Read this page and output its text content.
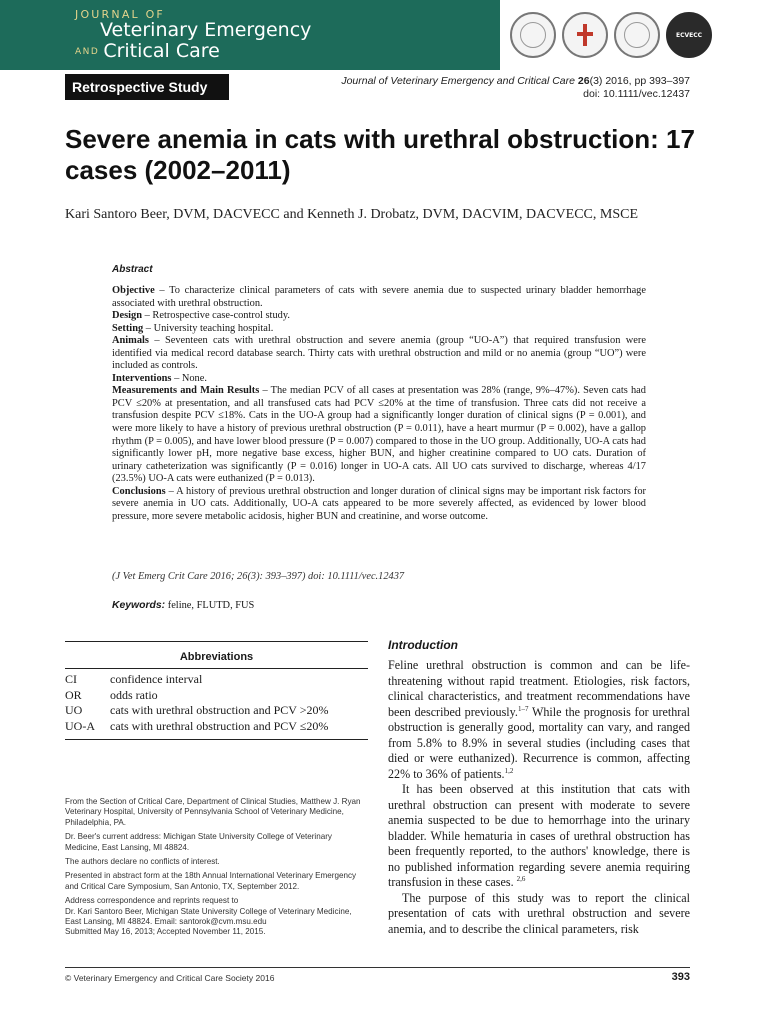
JOURNAL OF
Veterinary Emergency
AND Critical Care
ECVECC
Retrospective Study	Journal of Veterinary Emergency and Critical Care 26(3) 2016, pp 393–397
doi: 10.1111/vec.12437
Severe anemia in cats with urethral obstruction: 17 cases (2002–2011)
Kari Santoro Beer, DVM, DACVECC and Kenneth J. Drobatz, DVM, DACVIM, DACVECC, MSCE
Abstract
Objective – To characterize clinical parameters of cats with severe anemia due to suspected urinary bladder hemorrhage associated with urethral obstruction.
Design – Retrospective case-control study.
Setting – University teaching hospital.
Animals – Seventeen cats with urethral obstruction and severe anemia (group “UO-A”) that required transfusion were identified via medical record database search. Thirty cats with urethral obstruction and mild or no anemia (group “UO”) were included as controls.
Interventions – None.
Measurements and Main Results – The median PCV of all cases at presentation was 28% (range, 9%–47%). Seven cats had PCV ≤20% at presentation, and all transfused cats had PCV ≤20% at the time of transfusion. Three cats did not receive a transfusion despite PCV ≤18%. Cats in the UO-A group had a significantly longer duration of clinical signs (P = 0.001), and were more likely to have a history of previous urethral obstruction (P = 0.011), have a heart murmur (P = 0.002), have a gallop rhythm (P = 0.005), and have lower blood pressure (P = 0.007) compared to those in the UO group. Additionally, UO-A cats had significantly lower pH, more negative base excess, higher BUN, and higher creatinine compared to UO cats. Duration of urinary catheterization was significantly (P = 0.016) longer in UO-A cats. All UO cats survived to discharge, whereas 4/17 (23.5%) UO-A cats were euthanized (P = 0.013).
Conclusions – A history of previous urethral obstruction and longer duration of clinical signs may be important risk factors for severe anemia in UO cats. Additionally, UO-A cats appeared to be more severely affected, as evidenced by lower blood pressure, more severe metabolic acidosis, higher BUN and creatinine, and worse outcome.
(J Vet Emerg Crit Care 2016; 26(3): 393–397) doi: 10.1111/vec.12437
Keywords: feline, FLUTD, FUS
Abbreviations
CI	confidence interval
OR	odds ratio
UO	cats with urethral obstruction and PCV >20%
UO-A	cats with urethral obstruction and PCV ≤20%

From the Section of Critical Care, Department of Clinical Studies, Matthew J. Ryan Veterinary Hospital, University of Pennsylvania School of Veterinary Medicine, Philadelphia, PA.

Dr. Beer's current address: Michigan State University College of Veterinary Medicine, East Lansing, MI 48824.

The authors declare no conflicts of interest.

Presented in abstract form at the 18th Annual International Veterinary Emergency and Critical Care Symposium, San Antonio, TX, September 2012.

Address correspondence and reprints request to

Dr. Kari Santoro Beer, Michigan State University College of Veterinary Medicine, East Lansing, MI 48824. Email: santorok@cvm.msu.edu

Submitted May 16, 2013; Accepted November 11, 2015.

Introduction

Feline urethral obstruction is common and can be life-threatening without rapid treatment. Etiologies, risk factors, clinical characteristics, and treatment recommendations have been described previously.$^{1-7}$ While the prognosis for urethral obstruction is generally good, mortality can vary, and ranged from 5.8% to 8.9% in several studies (including cases that died or were euthanized). Recurrence is common, affecting 22% to 36% of patients.$^{1,2}$

It has been observed at this institution that cats with urethral obstruction can present with moderate to severe anemia suspected to be due to hemorrhage into the urinary bladder. While hematuria in cases of urethral obstruction has been frequently reported, to the authors' knowledge, there is no published information regarding severe anemia requiring transfusion in these cases. $^{2,6}$

The purpose of this study was to report the clinical presentation of cats with urethral obstruction and severe anemia, and to describe the clinical parameters, risk

© Veterinary Emergency and Critical Care Society 2016	393
